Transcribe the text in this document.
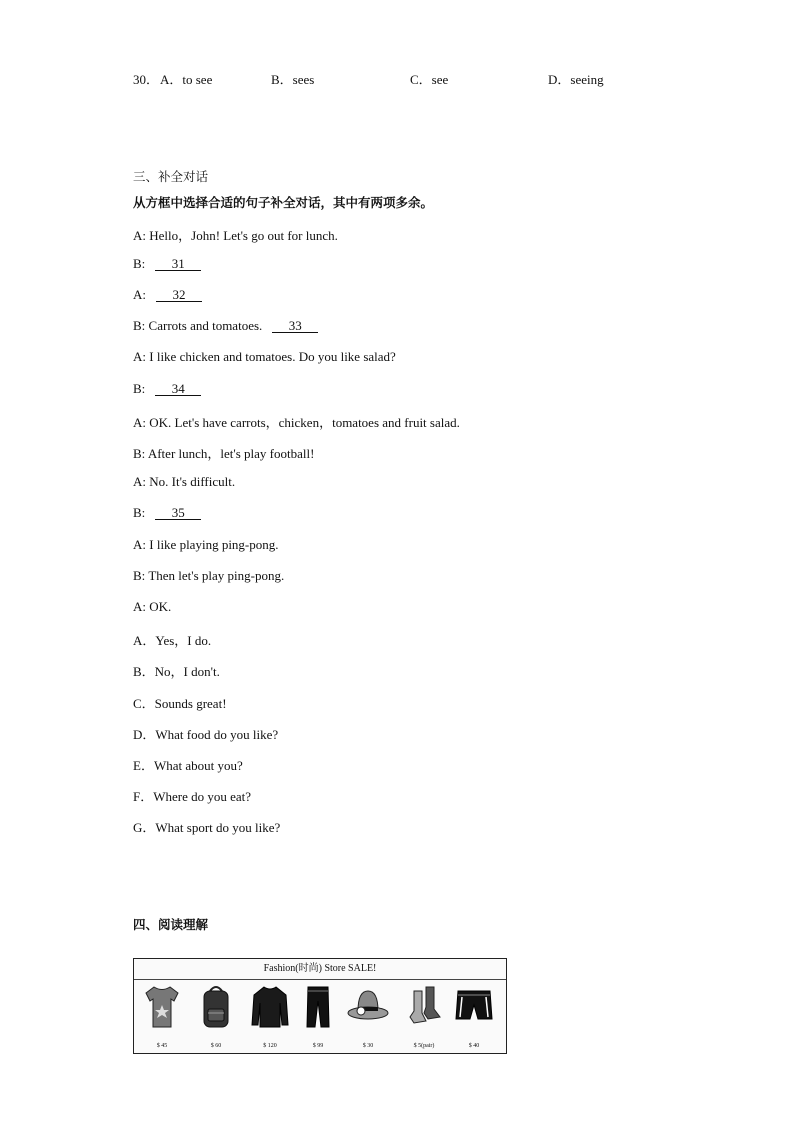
30． A．to see	B．sees	C．see	D．seeing
三、补全对话
从方框中选择合适的句子补全对话，其中有两项多余。
A: Hello，John! Let's go out for lunch.
B: 31
A: 32
B: Carrots and tomatoes. 33
A: I like chicken and tomatoes. Do you like salad?
B: 34
A: OK. Let's have carrots，chicken，tomatoes and fruit salad.
B: After lunch，let's play football!
A: No. It's difficult.
B: 35
A: I like playing ping-pong.
B: Then let's play ping-pong.
A: OK.
A．Yes，I do.
B．No，I don't.
C．Sounds great!
D．What food do you like?
E．What about you?
F．Where do you eat?
G．What sport do you like?
四、阅读理解
Fashion(时尚) Store SALE!
$ 45	$ 60	$ 120	$ 99	$ 30	$ 5(pair)	$ 40
